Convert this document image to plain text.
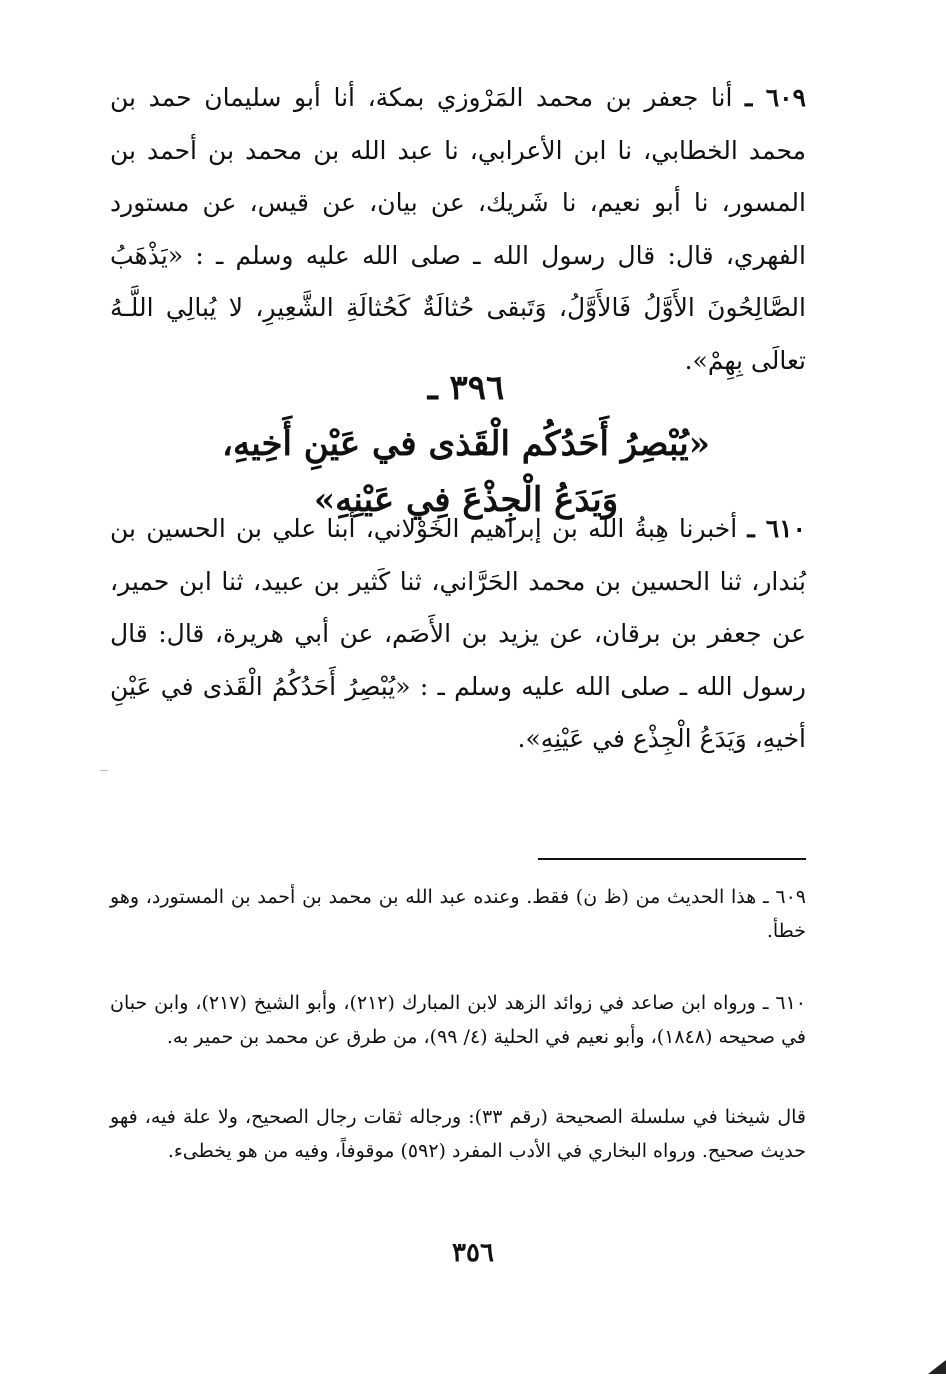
٦٠٩ ـ أنا جعفر بن محمد المَرْوزي بمكة، أنا أبو سليمان حمد بن محمد الخطابي، نا ابن الأعرابي، نا عبد الله بن محمد بن أحمد بن المسور، نا أبو نعيم، نا شَريك، عن بيان، عن قيس، عن مستورد الفهري، قال: قال رسول الله ـ صلى الله عليه وسلم ـ : «يَذْهَبُ الصَّالِحُونَ الأَوَّلُ فَالأَوَّلُ، وَتَبقى حُثالَةٌ كَحُثالَةِ الشَّعِيرِ، لا يُبالِي اللَّـهُ تعالَى بِهِمْ».

٣٩٦ ـ
«يُبْصِرُ أَحَدُكُم الْقَذى في عَيْنِ أَخِيهِ،
وَيَدَعُ الْجِذْعَ فِي عَيْنِهِ»

٦١٠ ـ أخبرنا هِبةُ الله بن إبراهيم الخَوْلاني، أبنا علي بن الحسين بن بُندار، ثنا الحسين بن محمد الحَرَّاني، ثنا كَثير بن عبيد، ثنا ابن حمير، عن جعفر بن برقان، عن يزيد بن الأَصَم، عن أبي هريرة، قال: قال رسول الله ـ صلى الله عليه وسلم ـ : «يُبْصِرُ أَحَدُكُمُ الْقَذى في عَيْنِ أخيهِ، وَيَدَعُ الْجِذْع في عَيْنِهِ».

٦٠٩ ـ هذا الحديث من (ظ ن) فقط. وعنده عبد الله بن محمد بن أحمد بن المستورد، وهو خطأ.

٦١٠ ـ ورواه ابن صاعد في زوائد الزهد لابن المبارك (٢١٢)، وأبو الشيخ (٢١٧)، وابن حبان في صحيحه (١٨٤٨)، وأبو نعيم في الحلية (٤/ ٩٩)، من طرق عن محمد بن حمير به.

قال شيخنا في سلسلة الصحيحة (رقم ٣٣): ورجاله ثقات رجال الصحيح، ولا علة فيه، فهو حديث صحيح. ورواه البخاري في الأدب المفرد (٥٩٢) موقوفاً، وفيه من هو يخطىء.

٣٥٦
